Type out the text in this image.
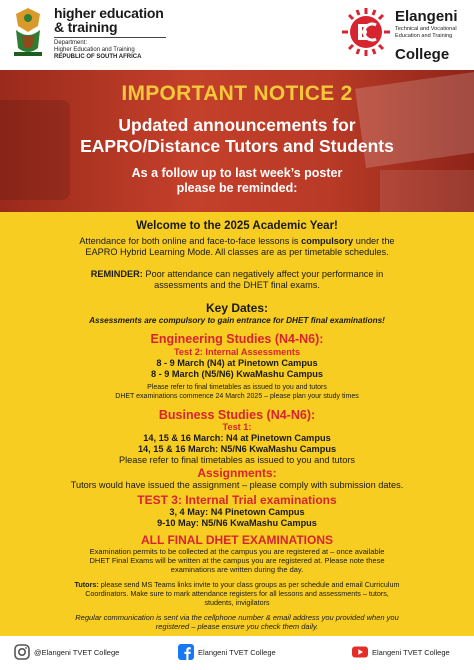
higher education
& training
Department:
Higher Education and Training
REPUBLIC OF SOUTH AFRICA
Elangeni
Technical and Vocational Education and Training
College
IMPORTANT NOTICE 2
Updated announcements for
EAPRO/Distance Tutors and Students
As a follow up to last week’s poster
please be reminded:
Welcome to the 2025 Academic Year!
Attendance for both online and face-to-face lessons is compulsory under the
EAPRO Hybrid Learning Mode. All classes are as per timetable schedules.
REMINDER: Poor attendance can negatively affect your performance in
assessments and the DHET final exams.
Key Dates:
Assessments are compulsory to gain entrance for DHET final examinations!
Engineering Studies (N4-N6):
Test 2: Internal Assessments
8 - 9 March (N4) at Pinetown Campus
8 - 9 March (N5/N6) KwaMashu Campus
Please refer to final timetables as issued to you and tutors
DHET examinations commence 24 March 2025 – please plan your study times
Business Studies (N4-N6):
Test 1:
14, 15 & 16 March: N4 at Pinetown Campus
14, 15 & 16 March: N5/N6 KwaMashu Campus
Please refer to final timetables as issued to you and tutors
Assignments:
Tutors would have issued the assignment – please comply with submission dates.
TEST 3: Internal Trial examinations
3, 4 May: N4 Pinetown Campus
9-10 May: N5/N6 KwaMashu Campus
ALL FINAL DHET EXAMINATIONS
Examination permits to be collected at the campus you are registered at – once available
DHET Final Exams will be written at the campus you are registered at. Please note these
examinations are written during the day.
Tutors: please send MS Teams links invite to your class groups as per schedule and email Curriculum
Coordinators. Make sure to mark attendance registers for all lessons and assessments – tutors,
students, invigilators
Regular communication is sent via the cellphone number & email address you provided when you
registered – please ensure you check them daily.
@Elangeni TVET College	Elangeni TVET College	Elangeni TVET College
